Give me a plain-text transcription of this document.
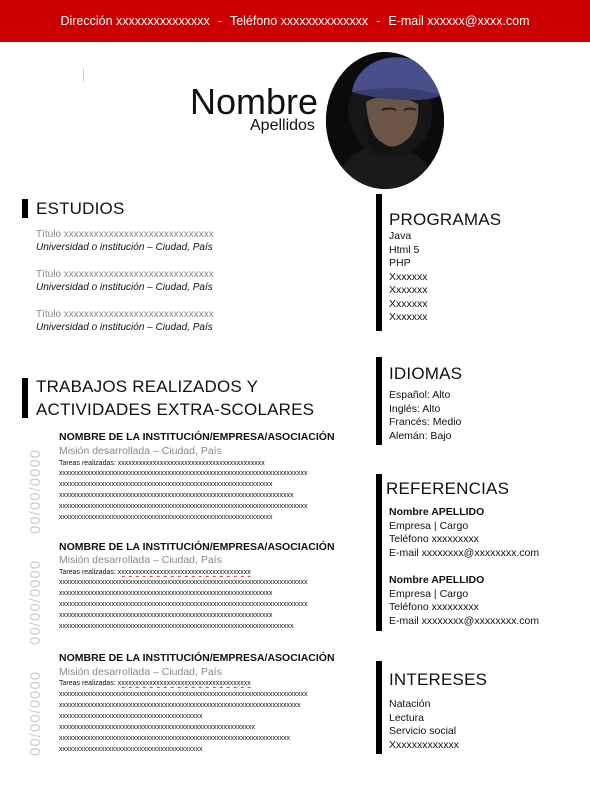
Dirección xxxxxxxxxxxxxxx - Teléfono xxxxxxxxxxxxxx - E-mail xxxxxx@xxxx.com
Nombre
Apellidos
ESTUDIOS
Título xxxxxxxxxxxxxxxxxxxxxxxxxxxxxx
Universidad o institución – Ciudad, País
Título xxxxxxxxxxxxxxxxxxxxxxxxxxxxxx
Universidad o institución – Ciudad, País
Título xxxxxxxxxxxxxxxxxxxxxxxxxxxxxx
Universidad o institución – Ciudad, País
TRABAJOS REALIZADOS Y
ACTIVIDADES EXTRA-SCOLARES
00/00/0000
NOMBRE DE LA INSTITUCIÓN/EMPRESA/ASOCIACIÓN
Misión desarrollada – Ciudad, País
Tareas realizadas: xxxxxxxxxxxxxxxxxxxxxxxxxxxxxxxxxxxxxxxxxx
xxxxxxxxxxxxxxxxxxxxxxxxxxxxxxxxxxxxxxxxxxxxxxxxxxxxxxxxxxxxxxxxxxxxxxx
xxxxxxxxxxxxxxxxxxxxxxxxxxxxxxxxxxxxxxxxxxxxxxxxxxxxxxxxxxxxx
xxxxxxxxxxxxxxxxxxxxxxxxxxxxxxxxxxxxxxxxxxxxxxxxxxxxxxxxxxxxxxxxxxx
xxxxxxxxxxxxxxxxxxxxxxxxxxxxxxxxxxxxxxxxxxxxxxxxxxxxxxxxxxxxxxxxxxxxxxx
xxxxxxxxxxxxxxxxxxxxxxxxxxxxxxxxxxxxxxxxxxxxxxxxxxxxxxxxxxxxx
00/00/0000
NOMBRE DE LA INSTITUCIÓN/EMPRESA/ASOCIACIÓN
Misión desarrollada – Ciudad, País
Tareas realizadas: xxxxxxxxxxxxxxxxxxxxxxxxxxxxxxxxxxxxxx
xxxxxxxxxxxxxxxxxxxxxxxxxxxxxxxxxxxxxxxxxxxxxxxxxxxxxxxxxxxxxxxxxxxxxxx
xxxxxxxxxxxxxxxxxxxxxxxxxxxxxxxxxxxxxxxxxxxxxxxxxxxxxxxxxxxxx
xxxxxxxxxxxxxxxxxxxxxxxxxxxxxxxxxxxxxxxxxxxxxxxxxxxxxxxxxxxxxxxxxxxxxxx
xxxxxxxxxxxxxxxxxxxxxxxxxxxxxxxxxxxxxxxxxxxxxxxxxxxxxxxxxxxxx
xxxxxxxxxxxxxxxxxxxxxxxxxxxxxxxxxxxxxxxxxxxxxxxxxxxxxxxxxxxxxxxxxxx
00/00/0000
NOMBRE DE LA INSTITUCIÓN/EMPRESA/ASOCIACIÓN
Misión desarrollada – Ciudad, País
Tareas realizadas: xxxxxxxxxxxxxxxxxxxxxxxxxxxxxxxxxxxxxx
xxxxxxxxxxxxxxxxxxxxxxxxxxxxxxxxxxxxxxxxxxxxxxxxxxxxxxxxxxxxxxxxxxxxxxx
xxxxxxxxxxxxxxxxxxxxxxxxxxxxxxxxxxxxxxxxxxxxxxxxxxxxxxxxxxxxxxxxxxxxx
xxxxxxxxxxxxxxxxxxxxxxxxxxxxxxxxxxxxxxxxx
xxxxxxxxxxxxxxxxxxxxxxxxxxxxxxxxxxxxxxxxxxxxxxxxxxxxxxxx
xxxxxxxxxxxxxxxxxxxxxxxxxxxxxxxxxxxxxxxxxxxxxxxxxxxxxxxxxxxxxxxxxx
xxxxxxxxxxxxxxxxxxxxxxxxxxxxxxxxxxxxxxxxx
PROGRAMAS
Java
Html 5
PHP
Xxxxxxx
Xxxxxxx
Xxxxxxx
Xxxxxxx
IDIOMAS
Español: Alto
Inglés: Alto
Francés: Medio
Alemán: Bajo
REFERENCIAS
Nombre APELLIDO
Empresa | Cargo
Teléfono xxxxxxxxx
E-mail xxxxxxxx@xxxxxxxx.com
Nombre APELLIDO
Empresa | Cargo
Teléfono xxxxxxxxx
E-mail xxxxxxxx@xxxxxxxx.com
INTERESES
Natación
Lectura
Servicio social
Xxxxxxxxxxxxx
